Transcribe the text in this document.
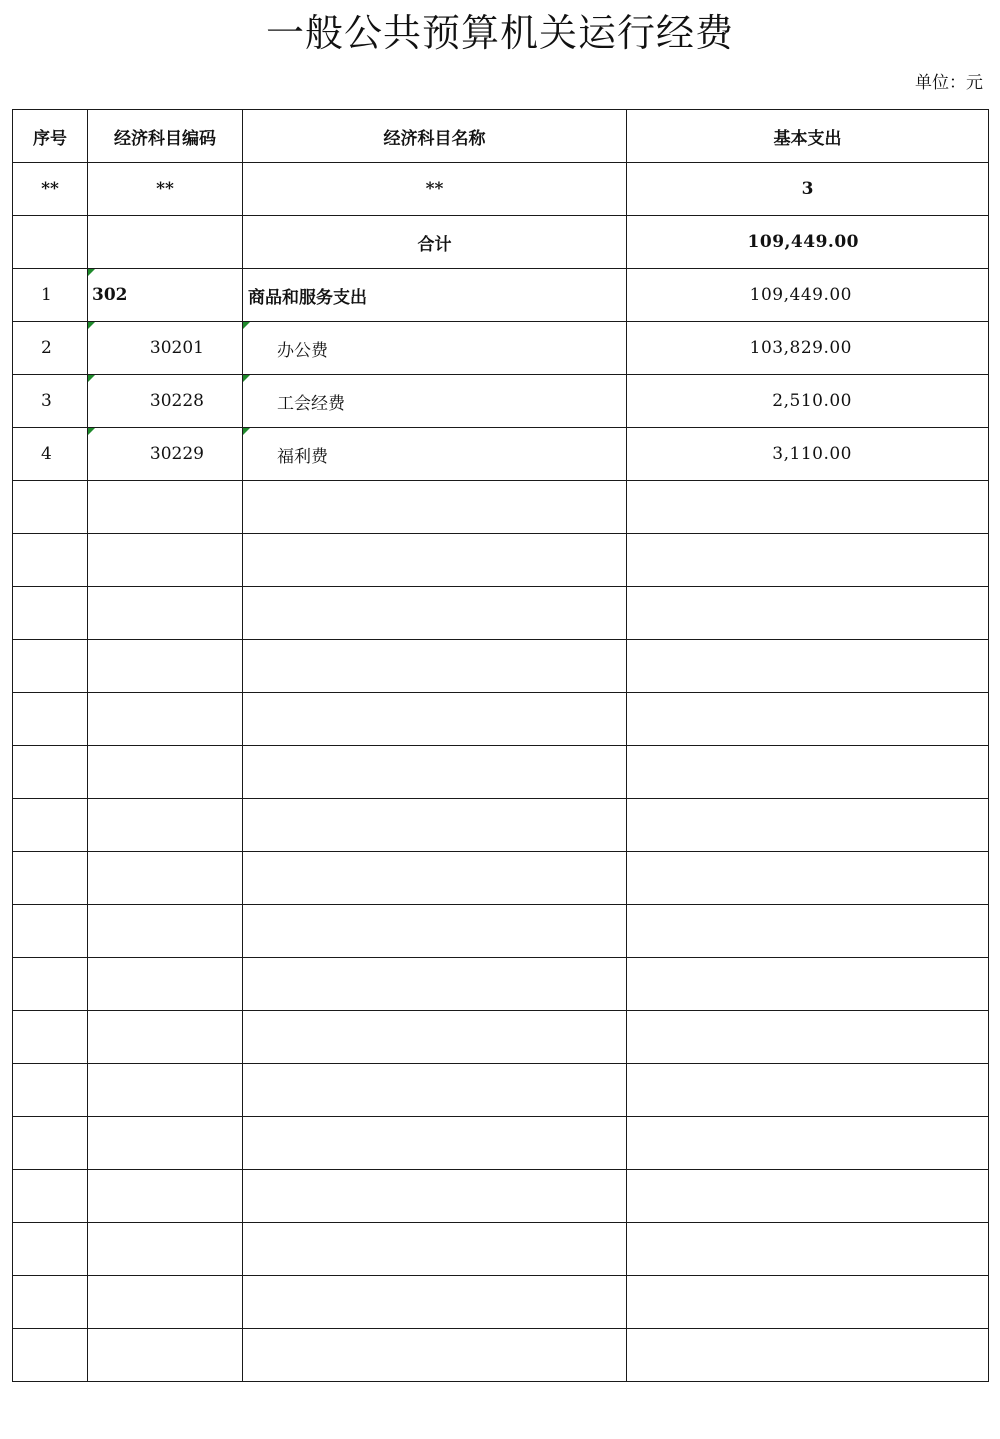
一般公共预算机关运行经费
单位：元
序号	经济科目编码	经济科目名称	基本支出
**	**	**	3
		合计	109,449.00
1	302	商品和服务支出	109,449.00
2	30201	办公费	103,829.00
3	30228	工会经费	2,510.00
4	30229	福利费	3,110.00
